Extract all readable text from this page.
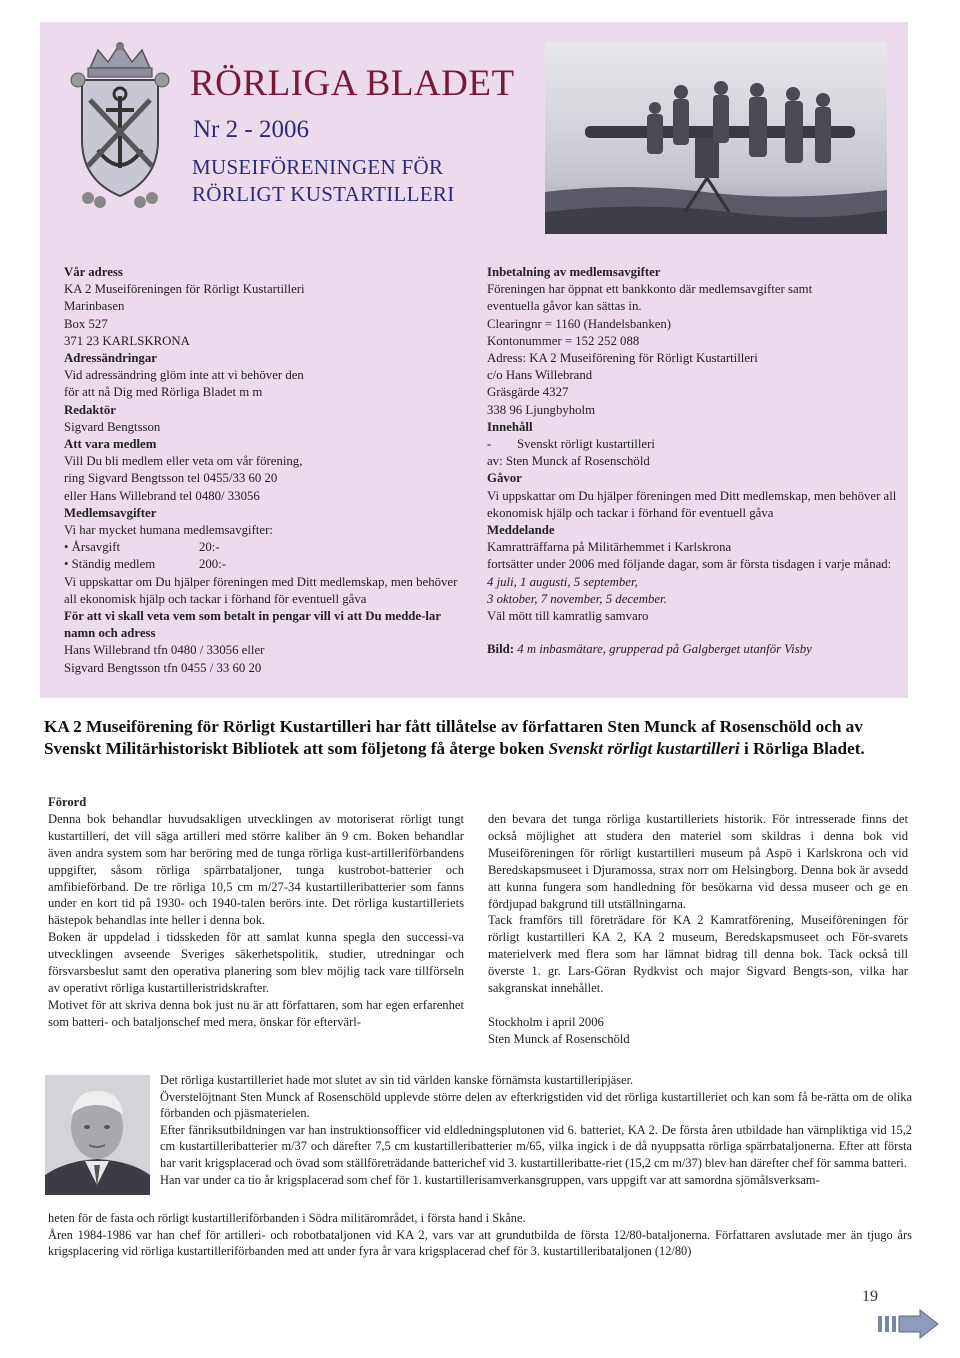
RÖRLIGA BLADET
Nr 2 - 2006
MUSEIFÖRENINGEN FÖR
RÖRLIGT KUSTARTILLERI

Vår adress

KA 2 Museiföreningen för Rörligt Kustartilleri

Marinbasen

Box 527

371 23 KARLSKRONA

Adressändringar

Vid adressändring glöm inte att vi behöver den

för att nå Dig med Rörliga Bladet m m

Redaktör

Sigvard Bengtsson

Att vara medlem

Vill Du bli medlem eller veta om vår förening,

ring Sigvard Bengtsson tel 0455/33 60 20

eller Hans Willebrand tel 0480/ 33056

Medlemsavgifter

Vi har mycket humana medlemsavgifter:

• Årsavgift	20:-
• Ständig medlem	200:-

Vi uppskattar om Du hjälper föreningen med Ditt medlemskap, men behöver all ekonomisk hjälp och tackar i förhand för eventuell gåva

För att vi skall veta vem som betalt in pengar vill vi att Du medde-lar namn och adress

Hans Willebrand tfn 0480 / 33056 eller

Sigvard Bengtsson tfn 0455 / 33 60 20

Inbetalning av medlemsavgifter

Föreningen har öppnat ett bankkonto där medlemsavgifter samt

eventuella gåvor kan sättas in.

Clearingnr = 1160 (Handelsbanken)

Kontonummer = 152 252 088

Adress: KA 2 Museiförening för Rörligt Kustartilleri

c/o Hans Willebrand

Gräsgärde 4327

338 96 Ljungbyholm

Innehåll

-	Svenskt rörligt kustartilleri

av: Sten Munck af Rosenschöld

Gåvor

Vi uppskattar om Du hjälper föreningen med Ditt medlemskap, men behöver all ekonomisk hjälp och tackar i förhand för eventuell gåva

Meddelande

Kamratträffarna på Militärhemmet i Karlskrona

fortsätter under 2006 med följande dagar, som är första tisdagen i varje månad:

4 juli, 1 augusti, 5 september,

3 oktober, 7 november, 5 december.

Väl mött till kamratlig samvaro

Bild: 4 m inbasmätare, grupperad på Galgberget utanför Visby

KA 2 Museiförening för Rörligt Kustartilleri har fått tillåtelse av författaren Sten Munck af Rosenschöld och av Svenskt Militärhistoriskt Bibliotek att som följetong få återge boken Svenskt rörligt kustartilleri i Rörliga Bladet.

Förord

Denna bok behandlar huvudsakligen utvecklingen av motoriserat rörligt tungt kustartilleri, det vill säga artilleri med större kaliber än 9 cm. Boken behandlar även andra system som har beröring med de tunga rörliga kust-artilleriförbandens uppgifter, såsom rörliga spärrbataljoner, tunga kustrobot-batterier och amfibieförband. De tre rörliga 10,5 cm m/27-34 kustartilleribatterier som fanns under en kort tid på 1930- och 1940-talen berörs inte. Det rörliga kustartilleriets hästepok behandlas inte heller i denna bok.

Boken är uppdelad i tidsskeden för att samlat kunna spegla den successi-va utvecklingen avseende Sveriges säkerhetspolitik, studier, utredningar och försvarsbeslut samt den operativa planering som blev möjlig tack vare tillförseln av operativt rörliga kustartilleristridskrafter.

Motivet för att skriva denna bok just nu är att författaren, som har egen erfarenhet som batteri- och bataljonschef med mera, önskar för eftervärl-

den bevara det tunga rörliga kustartilleriets historik. För intresserade finns det också möjlighet att studera den materiel som skildras i denna bok vid Museiföreningen för rörligt kustartilleri museum på Aspö i Karlskrona och vid Beredskapsmuseet i Djuramossa, strax norr om Helsingborg. Denna bok är avsedd att kunna fungera som handledning för besökarna vid dessa museer och ge en fördjupad bakgrund till utställningarna.

Tack framförs till företrädare för KA 2 Kamratförening, Museiföreningen för rörligt kustartilleri KA 2, KA 2 museum, Beredskapsmuseet och För-svarets materielverk med flera som har lämnat bidrag till denna bok. Tack också till överste 1. gr. Lars-Göran Rydkvist och major Sigvard Bengts-son, vilka har sakgranskat innehållet.

Stockholm i april 2006

Sten Munck af Rosenschöld

Det rörliga kustartilleriet hade mot slutet av sin tid världen kanske förnämsta kustartilleripjäser.

Överstelöjtnant Sten Munck af Rosenschöld upplevde större delen av efterkrigstiden vid det rörliga kustartilleriet och kan som få be-rätta om de olika förbanden och pjäsmaterielen.

Efter fänriksutbildningen var han instruktionsofficer vid eldledningsplutonen vid 6. batteriet, KA 2. De första åren utbildade han värnpliktiga vid 15,2 cm kustartilleribatterier m/37 och därefter 7,5 cm kustartilleribatterier m/65, vilka ingick i de då nyuppsatta rörliga spärrbataljonerna. Efter att första har varit krigsplacerad och övad som ställföreträdande batterichef vid 3. kustartilleribatte-riet (15,2 cm m/37) blev han därefter chef för samma batteri.

Han var under ca tio år krigsplacerad som chef för 1. kustartillerisamverkansgruppen, vars uppgift var att samordna sjömålsverksam-

heten för de fasta och rörligt kustartilleriförbanden i Södra militärområdet, i första hand i Skåne.

Åren 1984-1986 var han chef för artilleri- och robotbataljonen vid KA 2, vars var att grundutbilda de första 12/80-bataljonerna. Författaren avslutade mer än tjugo års krigsplacering vid rörliga kustartilleriförbanden med att under fyra år vara krigsplacerad chef för 3. kustartilleribataljonen (12/80)

19
